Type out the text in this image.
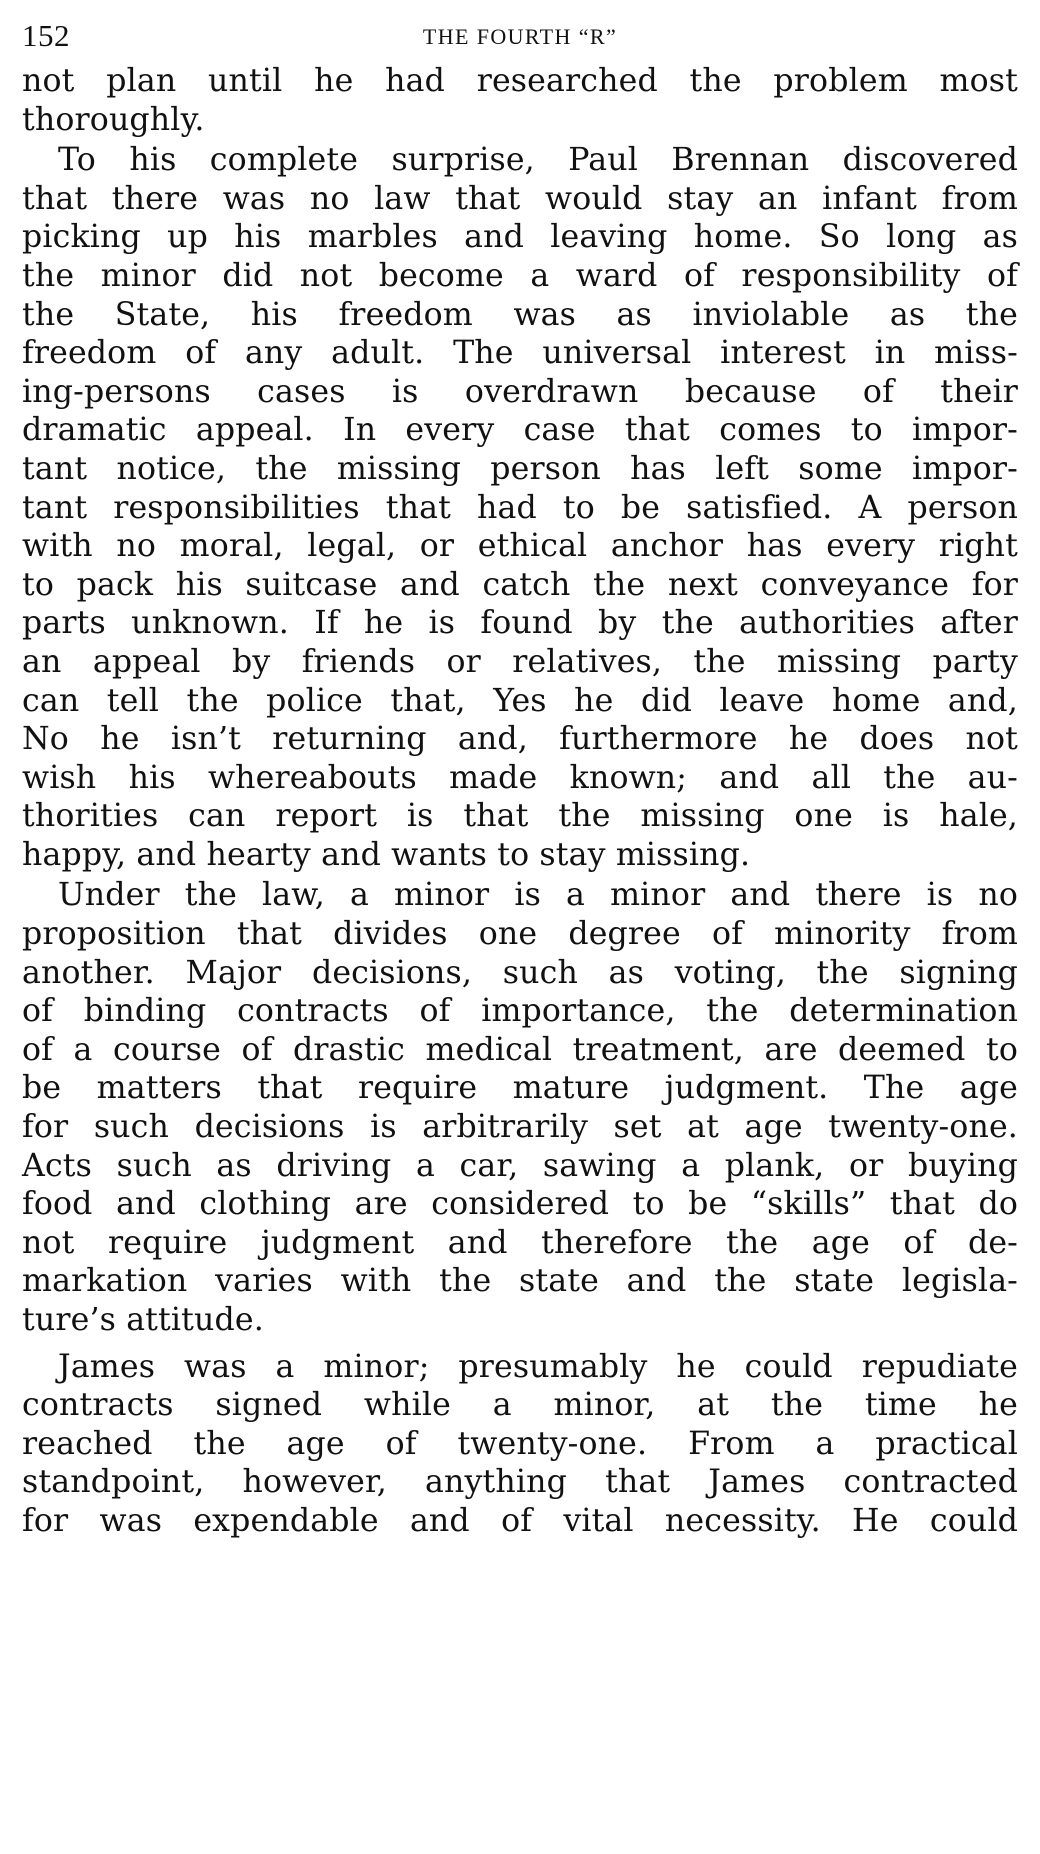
152	THE FOURTH “R”
not plan until he had researched the problem most
thoroughly.
To his complete surprise, Paul Brennan discovered
that there was no law that would stay an infant from
picking up his marbles and leaving home. So long as
the minor did not become a ward of responsibility of
the State, his freedom was as inviolable as the
freedom of any adult. The universal interest in miss-
ing-persons cases is overdrawn because of their
dramatic appeal. In every case that comes to impor-
tant notice, the missing person has left some impor-
tant responsibilities that had to be satisfied. A person
with no moral, legal, or ethical anchor has every right
to pack his suitcase and catch the next conveyance for
parts unknown. If he is found by the authorities after
an appeal by friends or relatives, the missing party
can tell the police that, Yes he did leave home and,
No he isn’t returning and, furthermore he does not
wish his whereabouts made known; and all the au-
thorities can report is that the missing one is hale,
happy, and hearty and wants to stay missing.
Under the law, a minor is a minor and there is no
proposition that divides one degree of minority from
another. Major decisions, such as voting, the signing
of binding contracts of importance, the determination
of a course of drastic medical treatment, are deemed to
be matters that require mature judgment. The age
for such decisions is arbitrarily set at age twenty-one.
Acts such as driving a car, sawing a plank, or buying
food and clothing are considered to be “skills” that do
not require judgment and therefore the age of de-
markation varies with the state and the state legisla-
ture’s attitude.
James was a minor; presumably he could repudiate
contracts signed while a minor, at the time he
reached the age of twenty-one. From a practical
standpoint, however, anything that James contracted
for was expendable and of vital necessity. He could
